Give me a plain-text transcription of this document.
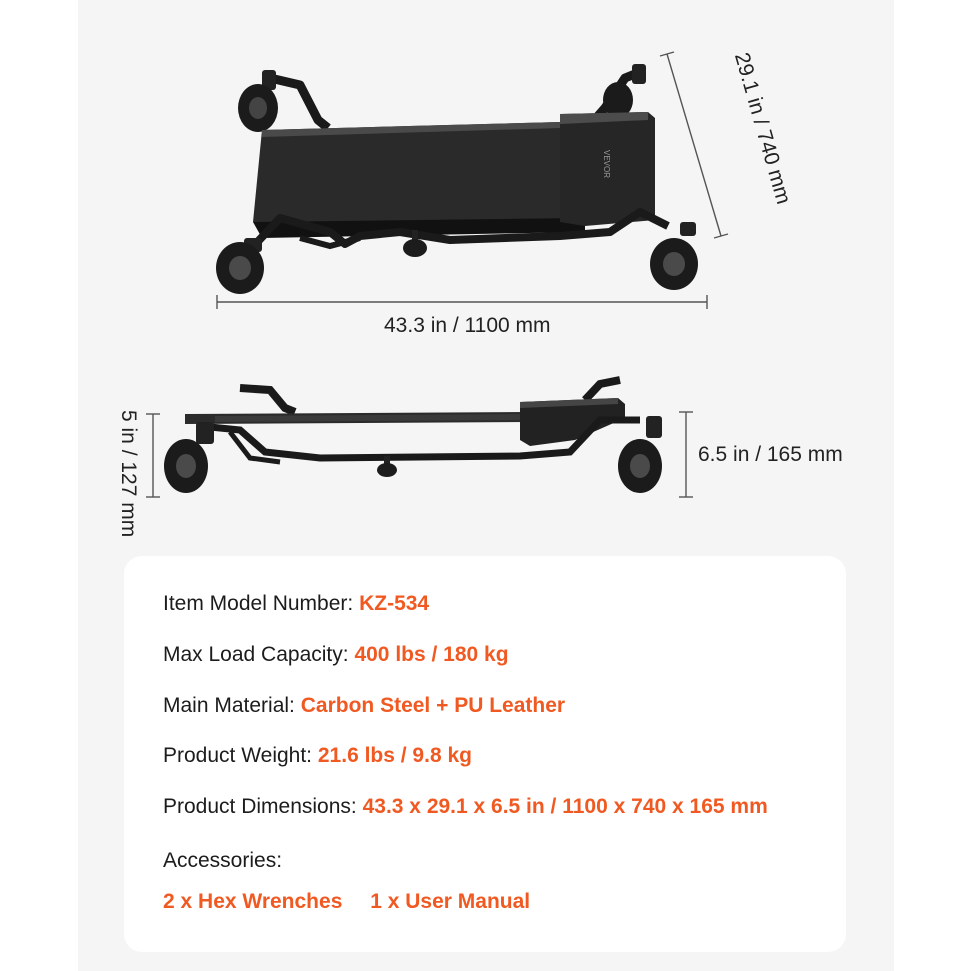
VEVOR
43.3 in / 1100 mm
29.1 in / 740 mm
5 in / 127 mm	6.5 in / 165 mm
Item Model Number: KZ-534
Max Load Capacity: 400 lbs / 180 kg
Main Material: Carbon Steel + PU Leather
Product Weight: 21.6 lbs / 9.8 kg
Product Dimensions: 43.3 x 29.1 x 6.5 in / 1100 x 740 x 165 mm
Accessories:
2 x Hex Wrenches 1 x User Manual
